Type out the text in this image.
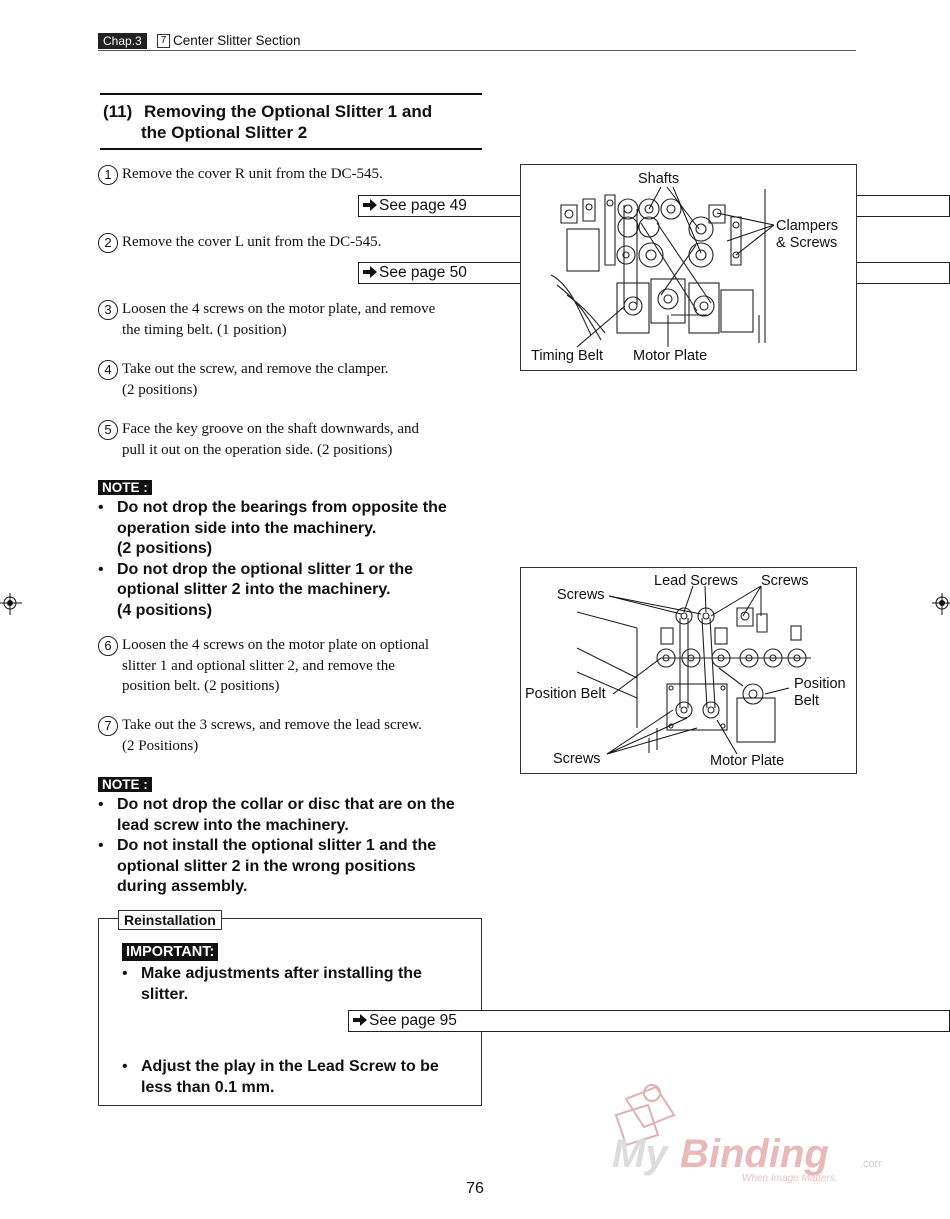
Chap.3	7 Center Slitter Section
(11) Removing the Optional Slitter 1 and
the Optional Slitter 2
1 Remove the cover R unit from the DC-545.
See page 49
2 Remove the cover L unit from the DC-545.
See page 50
3 Loosen the 4 screws on the motor plate, and remove
the timing belt. (1 position)
4 Take out the screw, and remove the clamper.
(2 positions)
5 Face the key groove on the shaft downwards, and
pull it out on the operation side. (2 positions)
NOTE :
• Do not drop the bearings from opposite the
operation side into the machinery.
(2 positions)
• Do not drop the optional slitter 1 or the
optional slitter 2 into the machinery.
(4 positions)
6 Loosen the 4 screws on the motor plate on optional
slitter 1 and optional slitter 2, and remove the
position belt. (2 positions)
7 Take out the 3 screws, and remove the lead screw.
(2 Positions)
NOTE :
• Do not drop the collar or disc that are on the
lead screw into the machinery.
• Do not install the optional slitter 1 and the
optional slitter 2 in the wrong positions
during assembly.
Reinstallation
IMPORTANT:
• Make adjustments after installing the
slitter.
See page 95
• Adjust the play in the Lead Screw to be
less than 0.1 mm.
Shafts
Clampers
& Screws
Timing Belt Motor Plate
Screws
Lead Screws Screws
Position Belt
Position
Belt
Screws	Motor Plate
My Binding	.com
When Image Matters.
76
